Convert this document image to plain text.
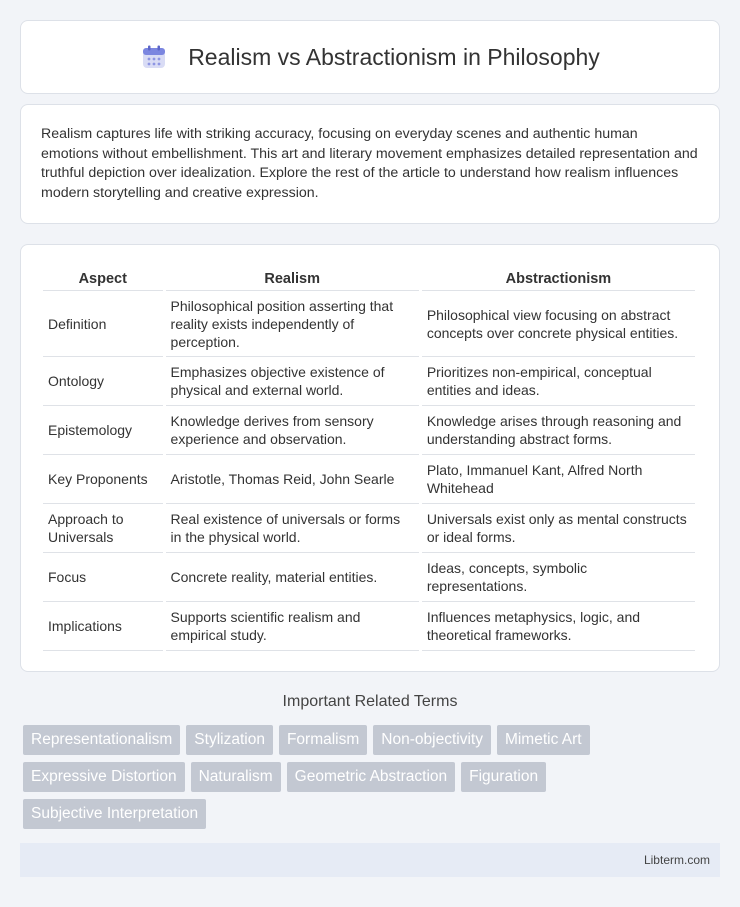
Realism vs Abstractionism in Philosophy

Realism captures life with striking accuracy, focusing on everyday scenes and authentic human emotions without embellishment. This art and literary movement emphasizes detailed representation and truthful depiction over idealization. Explore the rest of the article to understand how realism influences modern storytelling and creative expression.

Aspect	Realism	Abstractionism
Definition	Philosophical position asserting that reality exists independently of perception.	Philosophical view focusing on abstract concepts over concrete physical entities.
Ontology	Emphasizes objective existence of physical and external world.	Prioritizes non-empirical, conceptual entities and ideas.
Epistemology	Knowledge derives from sensory experience and observation.	Knowledge arises through reasoning and understanding abstract forms.
Key Proponents	Aristotle, Thomas Reid, John Searle	Plato, Immanuel Kant, Alfred North Whitehead
Approach to Universals	Real existence of universals or forms in the physical world.	Universals exist only as mental constructs or ideal forms.
Focus	Concrete reality, material entities.	Ideas, concepts, symbolic representations.
Implications	Supports scientific realism and empirical study.	Influences metaphysics, logic, and theoretical frameworks.
Important Related Terms
Representationalism	Stylization	Formalism	Non-objectivity	Mimetic Art
Expressive Distortion	Naturalism	Geometric Abstraction	Figuration
Subjective Interpretation
Libterm.com
